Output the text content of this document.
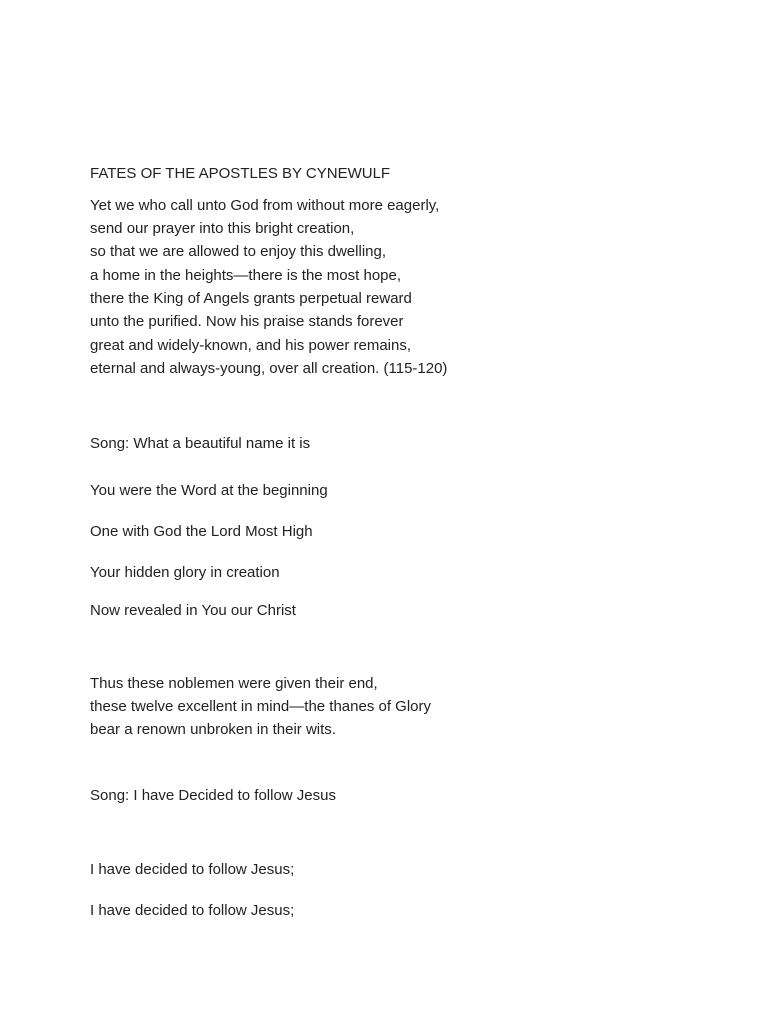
FATES OF THE APOSTLES BY CYNEWULF
Yet we who call unto God from without more eagerly,
send our prayer into this bright creation,
so that we are allowed to enjoy this dwelling,
a home in the heights—there is the most hope,
there the King of Angels grants perpetual reward
unto the purified. Now his praise stands forever
great and widely-known, and his power remains,
eternal and always-young, over all creation. (115-120)
Song: What a beautiful name it is
You were the Word at the beginning
One with God the Lord Most High
Your hidden glory in creation
Now revealed in You our Christ
Thus these noblemen were given their end,
these twelve excellent in mind—the thanes of Glory
bear a renown unbroken in their wits.
Song: I have Decided to follow Jesus
I have decided to follow Jesus;
I have decided to follow Jesus;
